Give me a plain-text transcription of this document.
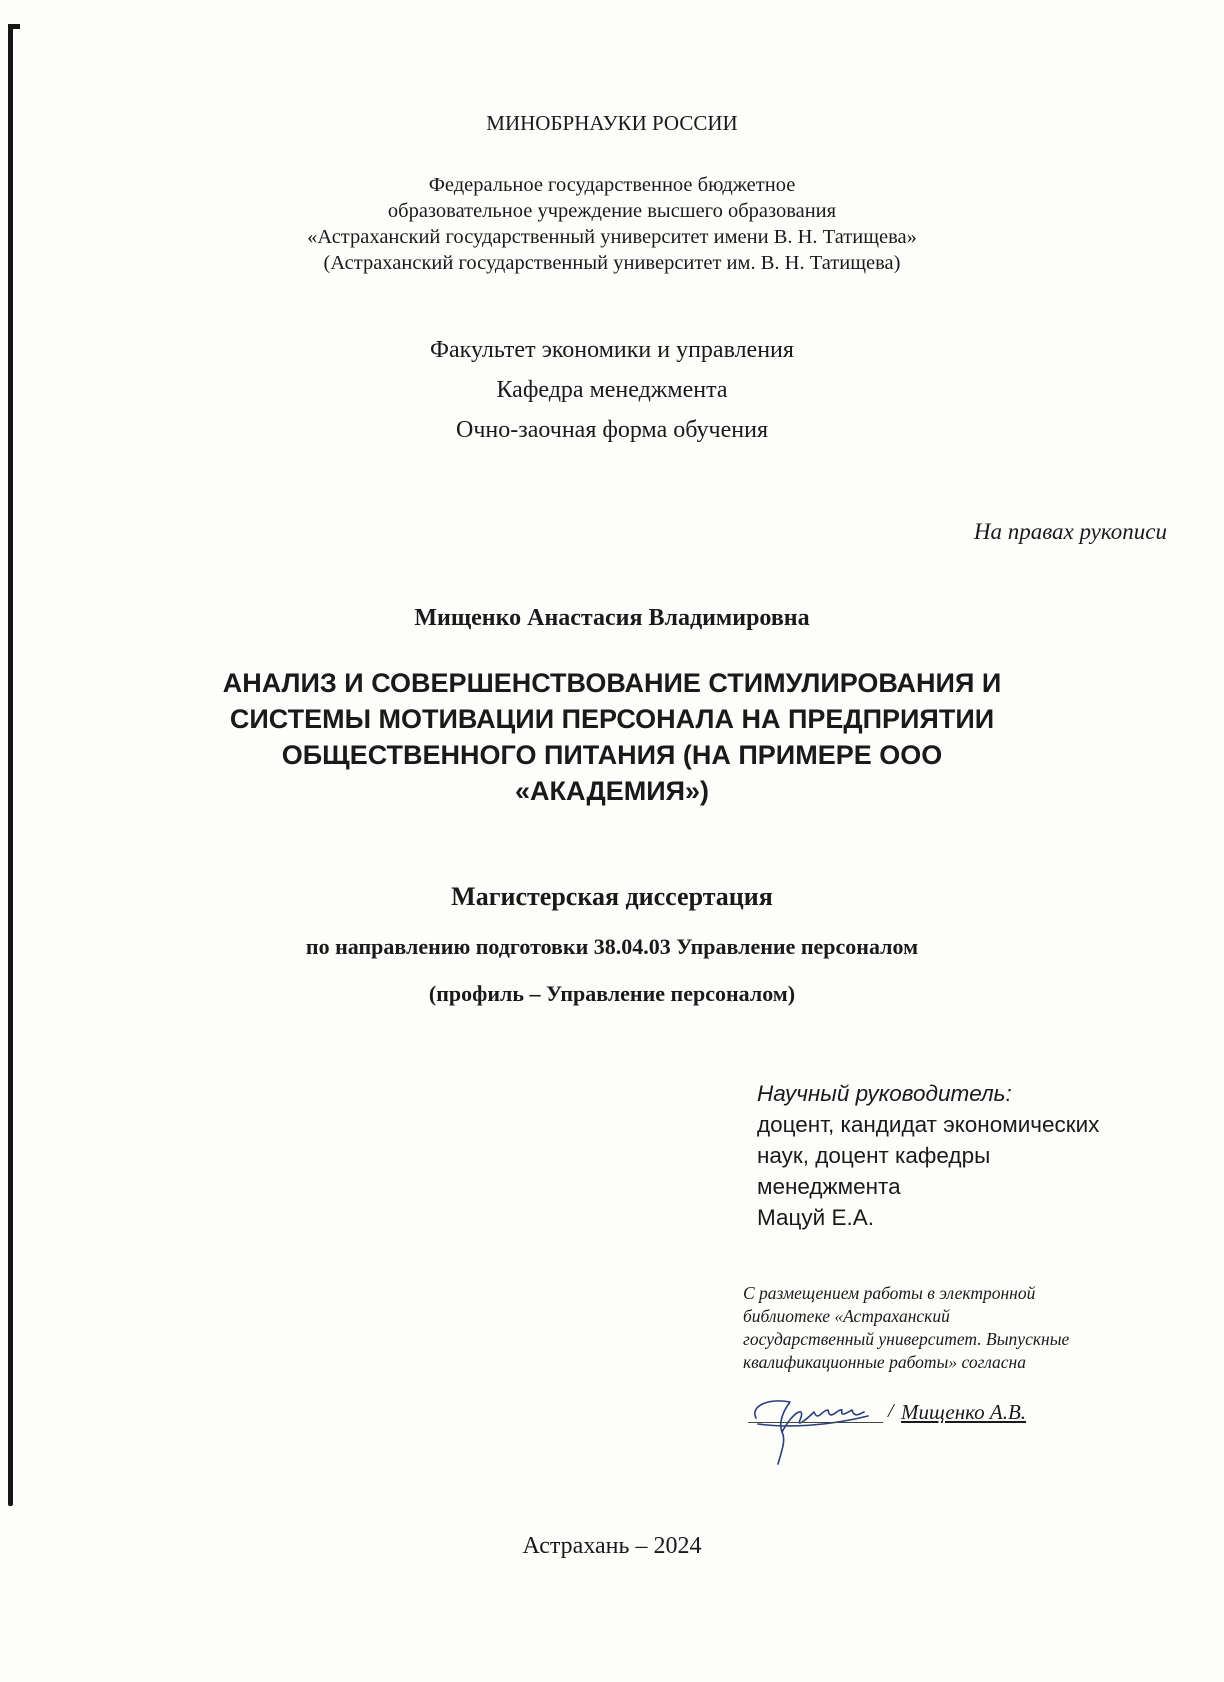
МИНОБРНАУКИ РОССИИ
Федеральное государственное бюджетное
образовательное учреждение высшего образования
«Астраханский государственный университет имени В. Н. Татищева»
(Астраханский государственный университет им. В. Н. Татищева)
Факультет экономики и управления
Кафедра менеджмента
Очно-заочная форма обучения
На правах рукописи
Мищенко Анастасия Владимировна
АНАЛИЗ И СОВЕРШЕНСТВОВАНИЕ СТИМУЛИРОВАНИЯ И
СИСТЕМЫ МОТИВАЦИИ ПЕРСОНАЛА НА ПРЕДПРИЯТИИ
ОБЩЕСТВЕННОГО ПИТАНИЯ (НА ПРИМЕРЕ ООО
«АКАДЕМИЯ»)
Магистерская диссертация
по направлению подготовки 38.04.03 Управление персоналом
(профиль – Управление персоналом)
Научный руководитель:
доцент, кандидат экономических
наук, доцент кафедры
менеджмента
Мацуй Е.А.
С размещением работы в электронной
библиотеке «Астраханский
государственный университет. Выпускные
квалификационные работы» согласна
/ Мищенко А.В.
Астрахань – 2024
